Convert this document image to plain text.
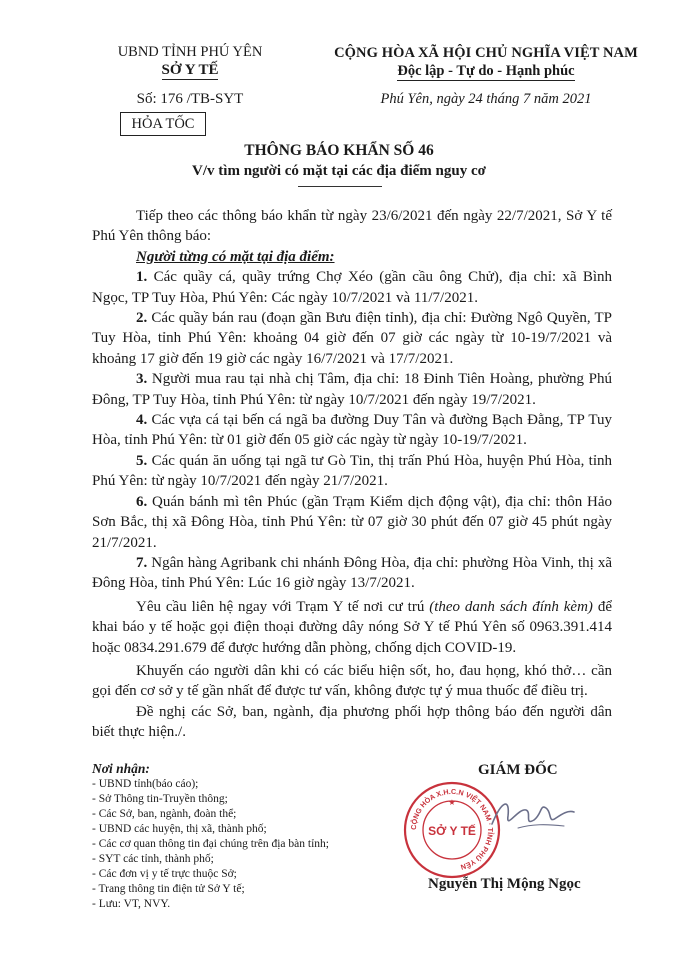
UBND TỈNH PHÚ YÊN
SỞ Y TẾ
Số: 176 /TB-SYT
HỎA TỐC
CỘNG HÒA XÃ HỘI CHỦ NGHĨA VIỆT NAM
Độc lập - Tự do - Hạnh phúc
Phú Yên, ngày 24 tháng 7 năm 2021
THÔNG BÁO KHẨN SỐ 46
V/v tìm người có mặt tại các địa điểm nguy cơ

Tiếp theo các thông báo khẩn từ ngày 23/6/2021 đến ngày 22/7/2021, Sở Y tế Phú Yên thông báo:

Người từng có mặt tại địa điểm:

1. Các quầy cá, quầy trứng Chợ Xéo (gần cầu ông Chử), địa chỉ: xã Bình Ngọc, TP Tuy Hòa, Phú Yên: Các ngày 10/7/2021 và 11/7/2021.

2. Các quầy bán rau (đoạn gần Bưu điện tỉnh), địa chỉ: Đường Ngô Quyền, TP Tuy Hòa, tỉnh Phú Yên: khoảng 04 giờ đến 07 giờ các ngày từ 10-19/7/2021 và khoảng 17 giờ đến 19 giờ các ngày 16/7/2021 và 17/7/2021.

3. Người mua rau tại nhà chị Tâm, địa chỉ: 18 Đinh Tiên Hoàng, phường Phú Đông, TP Tuy Hòa, tỉnh Phú Yên: từ ngày 10/7/2021 đến ngày 19/7/2021.

4. Các vựa cá tại bến cá ngã ba đường Duy Tân và đường Bạch Đằng, TP Tuy Hòa, tỉnh Phú Yên: từ 01 giờ đến 05 giờ các ngày từ ngày 10-19/7/2021.

5. Các quán ăn uống tại ngã tư Gò Tin, thị trấn Phú Hòa, huyện Phú Hòa, tỉnh Phú Yên: từ ngày 10/7/2021 đến ngày 21/7/2021.

6. Quán bánh mì tên Phúc (gần Trạm Kiểm dịch động vật), địa chỉ: thôn Hảo Sơn Bắc, thị xã Đông Hòa, tỉnh Phú Yên: từ 07 giờ 30 phút đến 07 giờ 45 phút ngày 21/7/2021.

7. Ngân hàng Agribank chi nhánh Đông Hòa, địa chỉ: phường Hòa Vinh, thị xã Đông Hòa, tỉnh Phú Yên: Lúc 16 giờ ngày 13/7/2021.

Yêu cầu liên hệ ngay với Trạm Y tế nơi cư trú (theo danh sách đính kèm) để khai báo y tế hoặc gọi điện thoại đường dây nóng Sở Y tế Phú Yên số 0963.391.414 hoặc 0834.291.679 để được hướng dẫn phòng, chống dịch COVID-19.

Khuyến cáo người dân khi có các biểu hiện sốt, ho, đau họng, khó thở… cần gọi đến cơ sở y tế gần nhất để được tư vấn, không được tự ý mua thuốc để điều trị.

Đề nghị các Sở, ban, ngành, địa phương phối hợp thông báo đến người dân biết thực hiện./.

Nơi nhận:
- UBND tỉnh(báo cáo);
- Sở Thông tin-Truyền thông;
- Các Sở, ban, ngành, đoàn thể;
- UBND các huyện, thị xã, thành phố;
- Các cơ quan thông tin đại chúng trên địa bàn tỉnh;
- SYT các tỉnh, thành phố;
- Các đơn vị y tế trực thuộc Sở;
- Trang thông tin điện tử Sở Y tế;
- Lưu: VT, NVY.
GIÁM ĐỐC
CỘNG HÒA X.H.C.N VIỆT NAM · TỈNH PHÚ YÊN
SỞ Y TẾ
★
Nguyễn Thị Mộng Ngọc
